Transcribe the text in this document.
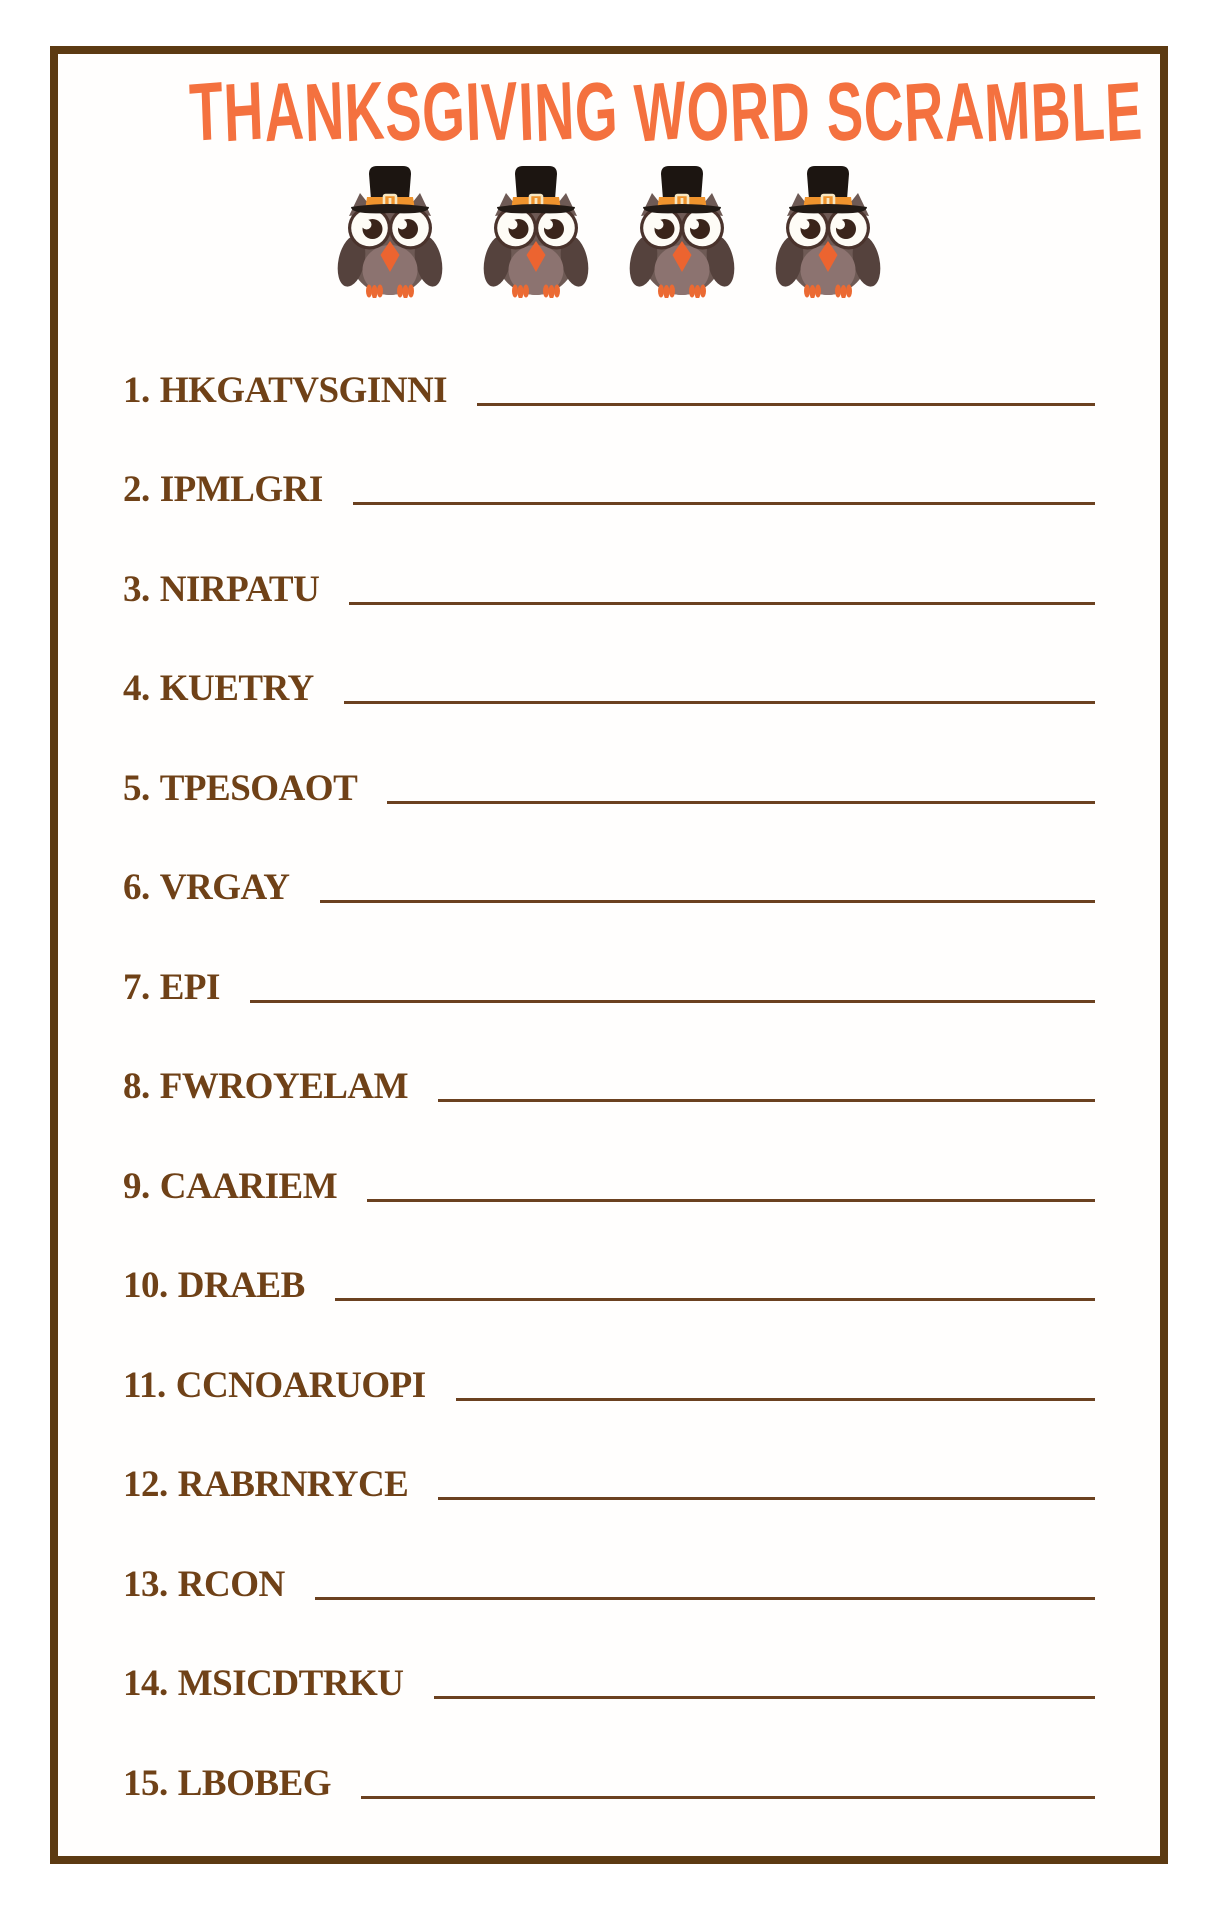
THANKSGIVING WORD SCRAMBLE
1. HKGATVSGINNI
2. IPMLGRI
3. NIRPATU
4. KUETRY
5. TPESOAOT
6. VRGAY
7. EPI
8. FWROYELAM
9. CAARIEM
10. DRAEB
11. CCNOARUOPI
12. RABRNRYCE
13. RCON
14. MSICDTRKU
15. LBOBEG
